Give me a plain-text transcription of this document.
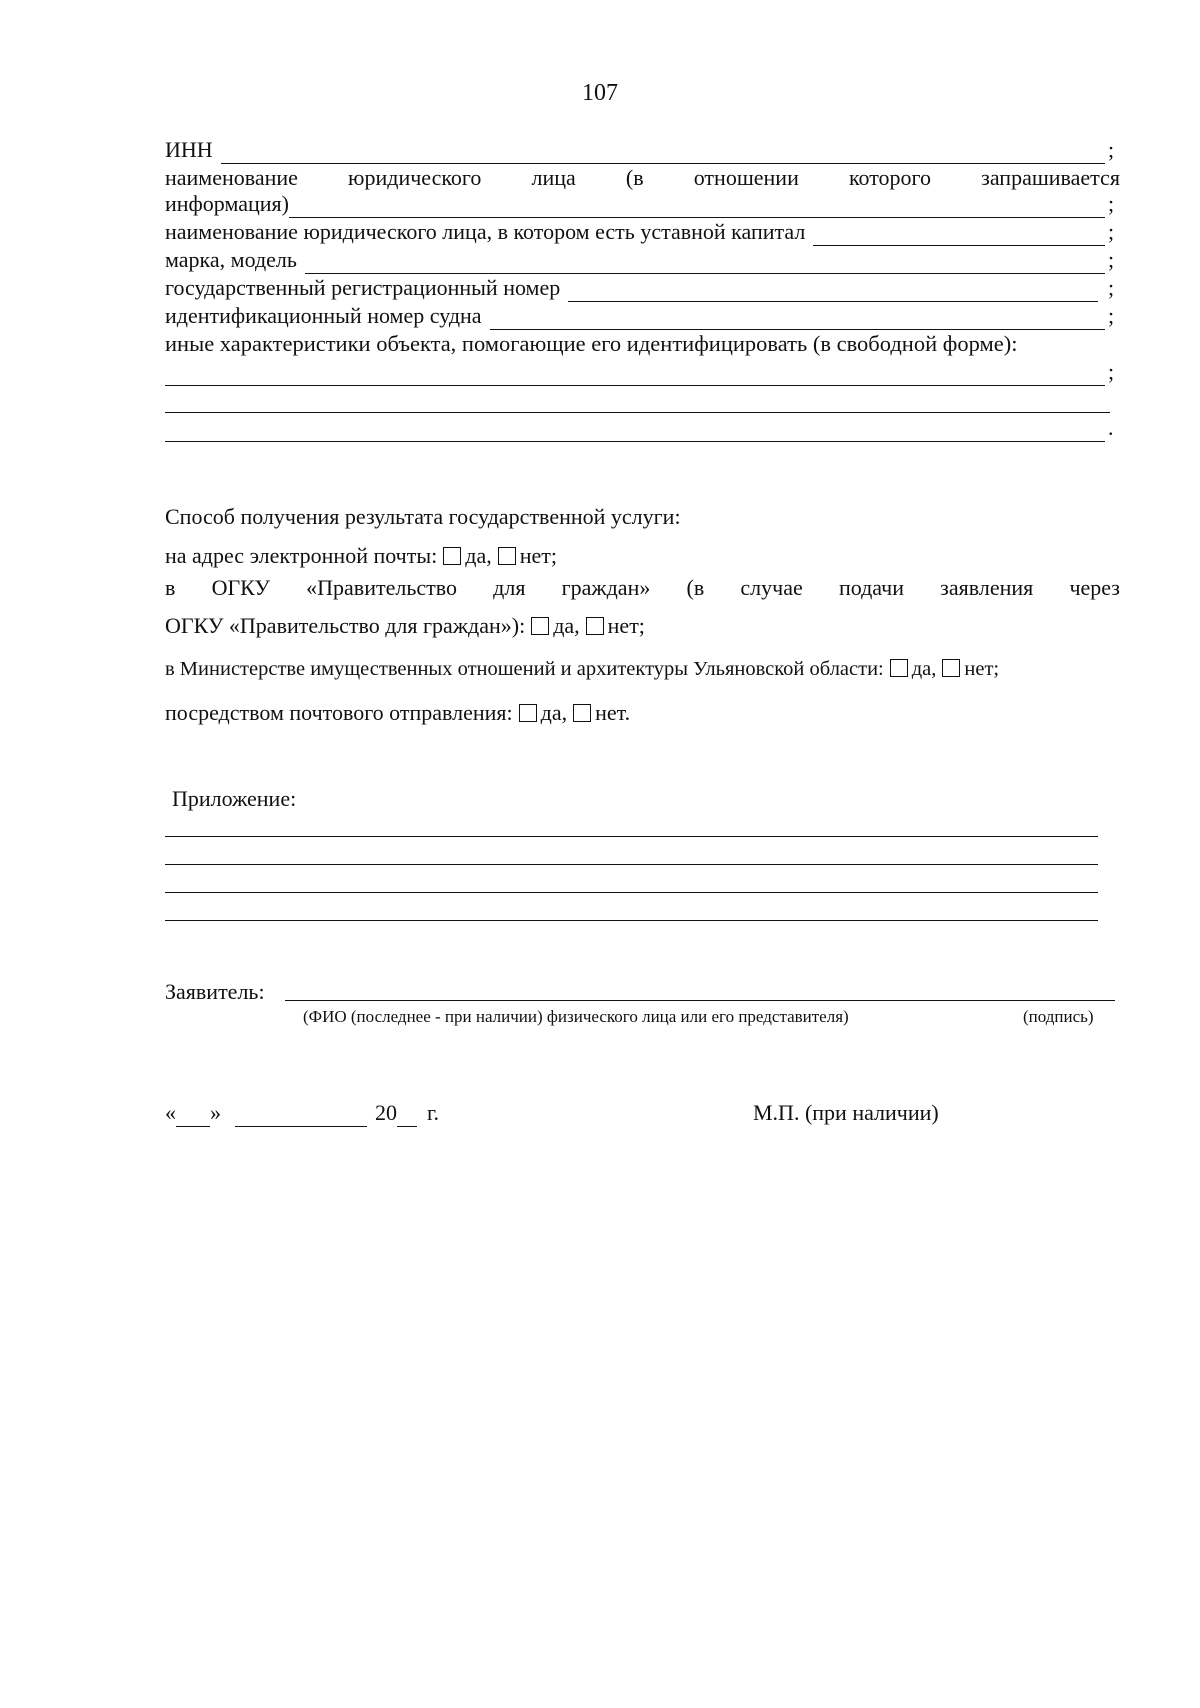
107
ИНН	;
наименование юридического лица (в отношении которого запрашивается
информация)	;
наименование юридического лица, в котором есть уставной капитал	;
марка, модель	;
государственный регистрационный номер	;
идентификационный номер судна	;
иные характеристики объекта, помогающие его идентифицировать (в свободной форме):
;
.
Способ получения результата государственной услуги:
на адрес электронной почты: да, нет;
в ОГКУ «Правительство для граждан» (в случае подачи заявления через
ОГКУ «Правительство для граждан»): да, нет;
в Министерстве имущественных отношений и архитектуры Ульяновской области: да, нет;
посредством почтового отправления: да, нет.
Приложение:
Заявитель:
(ФИО (последнее - при наличии) физического лица или его представителя)	(подпись)
« »	20 г.	М.П. (при наличии)
